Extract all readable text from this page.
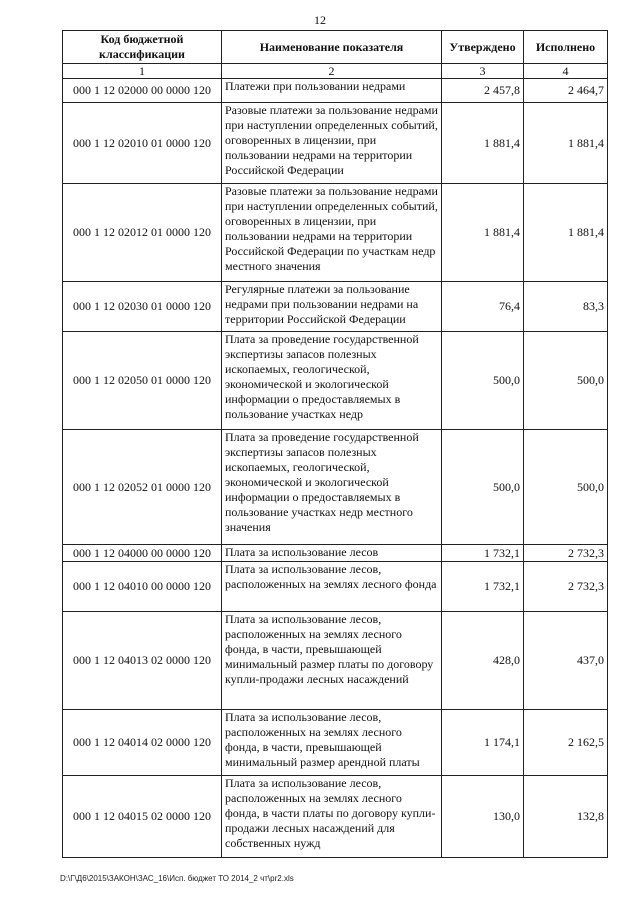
12
Код бюджетной классификации	Наименование показателя	Утверждено	Исполнено
1	2	3	4
000 1 12 02000 00 0000 120	Платежи при пользовании недрами	2 457,8	2 464,7
000 1 12 02010 01 0000 120	Разовые платежи за пользование недрами при наступлении определенных событий, оговоренных в лицензии, при пользовании недрами на территории Российской Федерации	1 881,4	1 881,4
000 1 12 02012 01 0000 120	Разовые платежи за пользование недрами при наступлении определенных событий, оговоренных в лицензии, при пользовании недрами на территории Российской Федерации по участкам недр местного значения	1 881,4	1 881,4
000 1 12 02030 01 0000 120	Регулярные платежи за пользование недрами при пользовании недрами на территории Российской Федерации	76,4	83,3
000 1 12 02050 01 0000 120	Плата за проведение государственной экспертизы запасов полезных ископаемых, геологической, экономической и экологической информации о предоставляемых в пользование участках недр	500,0	500,0
000 1 12 02052 01 0000 120	Плата за проведение государственной экспертизы запасов полезных ископаемых, геологической, экономической и экологической информации о предоставляемых в пользование участках недр местного значения	500,0	500,0
000 1 12 04000 00 0000 120	Плата за использование лесов	1 732,1	2 732,3
000 1 12 04010 00 0000 120	Плата за использование лесов, расположенных на землях лесного фонда	1 732,1	2 732,3
000 1 12 04013 02 0000 120	Плата за использование лесов, расположенных на землях лесного фонда, в части, превышающей минимальный размер платы по договору купли-продажи лесных насаждений	428,0	437,0
000 1 12 04014 02 0000 120	Плата за использование лесов, расположенных на землях лесного фонда, в части, превышающей минимальный размер арендной платы	1 174,1	2 162,5
000 1 12 04015 02 0000 120	Плата за использование лесов, расположенных на землях лесного фонда, в части платы по договору купли-продажи лесных насаждений для собственных нужд	130,0	132,8
D:\Г\Д6\2015\ЗАКОН\ЗАС_16\Исп. бюджет ТО 2014_2 чт\pr2.xls
